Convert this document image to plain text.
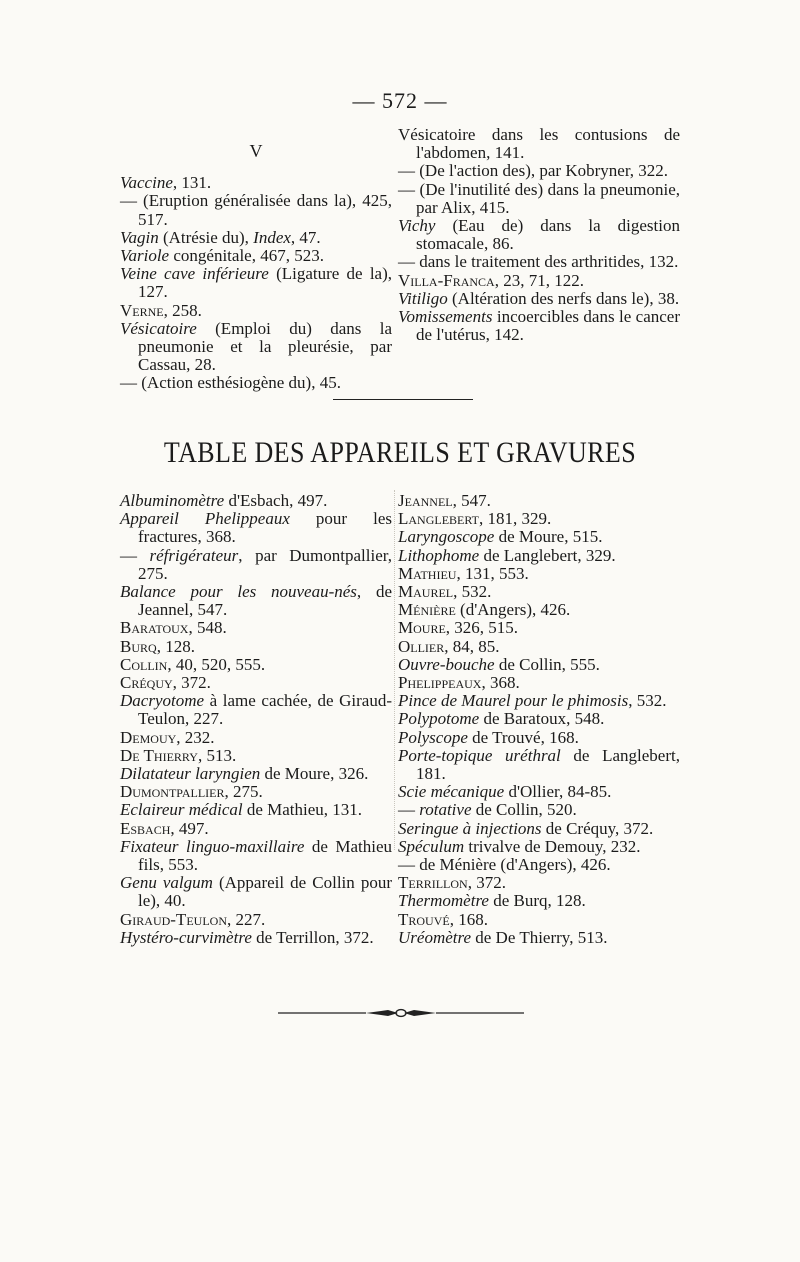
— 572 —
V

Vaccine, 131.

— (Eruption généralisée dans la), 425, 517.

Vagin (Atrésie du), Index, 47.

Variole congénitale, 467, 523.

Veine cave inférieure (Ligature de la), 127.

Verne, 258.

Vésicatoire (Emploi du) dans la pneumonie et la pleurésie, par Cassau, 28.

— (Action esthésiogène du), 45.

Vésicatoire dans les contusions de l'abdomen, 141.

— (De l'action des), par Kobryner, 322.

— (De l'inutilité des) dans la pneumonie, par Alix, 415.

Vichy (Eau de) dans la digestion stomacale, 86.

— dans le traitement des arthritides, 132.

Villa-Franca, 23, 71, 122.

Vitiligo (Altération des nerfs dans le), 38.

Vomissements incoercibles dans le cancer de l'utérus, 142.

TABLE DES APPAREILS ET GRAVURES

Albuminomètre d'Esbach, 497.

Appareil Phelippeaux pour les fractures, 368.

— réfrigérateur, par Dumontpallier, 275.

Balance pour les nouveau-nés, de Jeannel, 547.

Baratoux, 548.

Burq, 128.

Collin, 40, 520, 555.

Créquy, 372.

Dacryotome à lame cachée, de Giraud-Teulon, 227.

Demouy, 232.

De Thierry, 513.

Dilatateur laryngien de Moure, 326.

Dumontpallier, 275.

Eclaireur médical de Mathieu, 131.

Esbach, 497.

Fixateur linguo-maxillaire de Mathieu fils, 553.

Genu valgum (Appareil de Collin pour le), 40.

Giraud-Teulon, 227.

Hystéro-curvimètre de Terrillon, 372.

Jeannel, 547.

Langlebert, 181, 329.

Laryngoscope de Moure, 515.

Lithophome de Langlebert, 329.

Mathieu, 131, 553.

Maurel, 532.

Ménière (d'Angers), 426.

Moure, 326, 515.

Ollier, 84, 85.

Ouvre-bouche de Collin, 555.

Phelippeaux, 368.

Pince de Maurel pour le phimosis, 532.

Polypotome de Baratoux, 548.

Polyscope de Trouvé, 168.

Porte-topique uréthral de Langlebert, 181.

Scie mécanique d'Ollier, 84-85.

— rotative de Collin, 520.

Seringue à injections de Créquy, 372.

Spéculum trivalve de Demouy, 232.

— de Ménière (d'Angers), 426.

Terrillon, 372.

Thermomètre de Burq, 128.

Trouvé, 168.

Uréomètre de De Thierry, 513.
